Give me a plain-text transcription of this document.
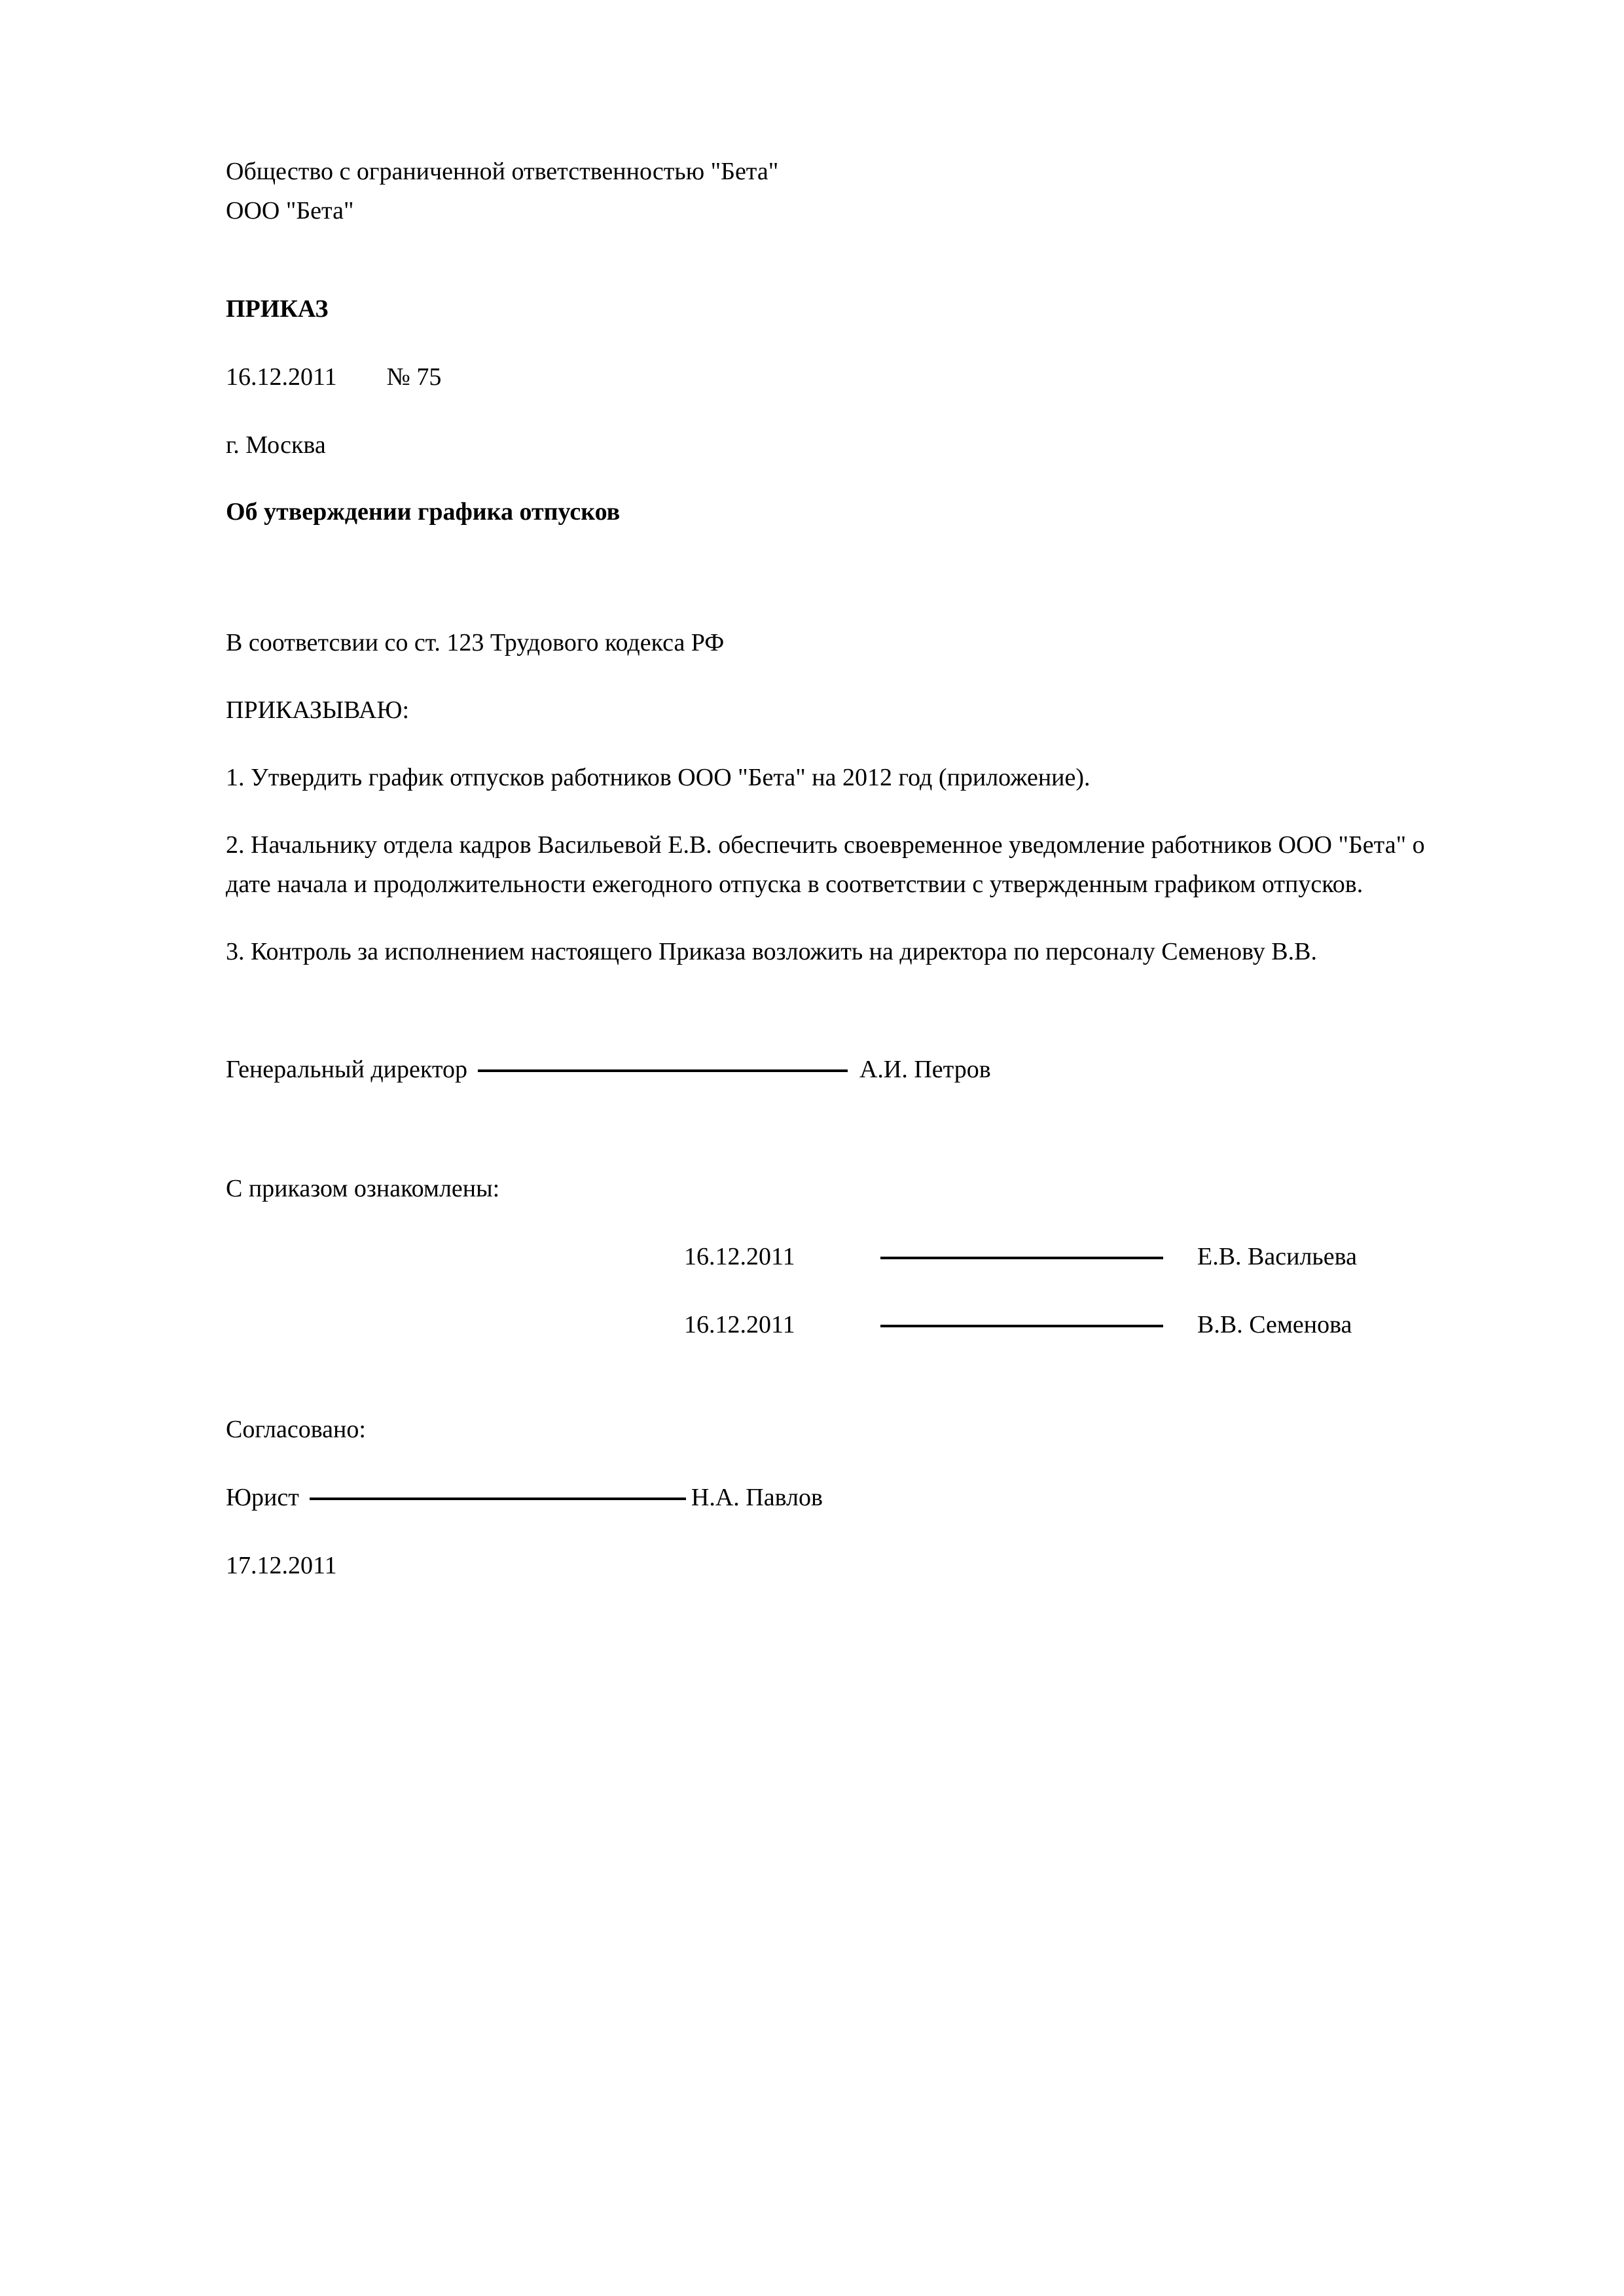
Общество с ограниченной ответственностью "Бета"
ООО "Бета"
ПРИКАЗ
16.12.2011 № 75
г. Москва
Об утверждении графика отпусков
В соответсвии со ст. 123 Трудового кодекса РФ
ПРИКАЗЫВАЮ:
1. Утвердить график отпусков работников ООО "Бета" на 2012 год (приложение).
2. Начальнику отдела кадров Васильевой Е.В. обеспечить своевременное уведомление работников ООО "Бета" о дате начала и продолжительности ежегодного отпуска в соответствии с утвержденным графиком отпусков.
3. Контроль за исполнением настоящего Приказа возложить на директора по персоналу Семенову В.В.
Генеральный директор	А.И. Петров
С приказом ознакомлены:
16.12.2011	Е.В. Васильева
16.12.2011	В.В. Семенова
Согласовано:
Юрист	Н.А. Павлов
17.12.2011
